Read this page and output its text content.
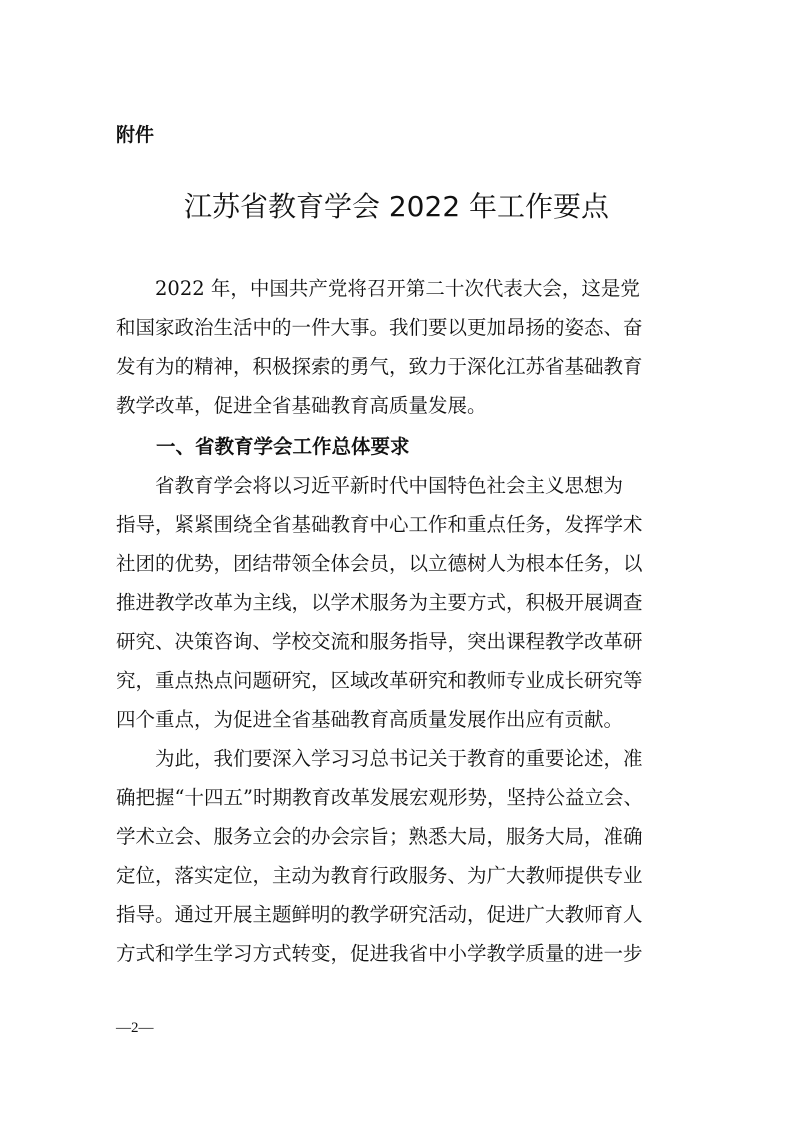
附件
江苏省教育学会 2022 年工作要点
　　2022 年，中国共产党将召开第二十次代表大会，这是党
和国家政治生活中的一件大事。我们要以更加昂扬的姿态、奋
发有为的精神，积极探索的勇气，致力于深化江苏省基础教育
教学改革，促进全省基础教育高质量发展。
一、省教育学会工作总体要求
　　省教育学会将以习近平新时代中国特色社会主义思想为
指导，紧紧围绕全省基础教育中心工作和重点任务，发挥学术
社团的优势，团结带领全体会员，以立德树人为根本任务，以
推进教学改革为主线，以学术服务为主要方式，积极开展调查
研究、决策咨询、学校交流和服务指导，突出课程教学改革研
究，重点热点问题研究，区域改革研究和教师专业成长研究等
四个重点，为促进全省基础教育高质量发展作出应有贡献。
　　为此，我们要深入学习习总书记关于教育的重要论述，准
确把握“十四五”时期教育改革发展宏观形势，坚持公益立会、
学术立会、服务立会的办会宗旨；熟悉大局，服务大局，准确
定位，落实定位，主动为教育行政服务、为广大教师提供专业
指导。通过开展主题鲜明的教学研究活动，促进广大教师育人
方式和学生学习方式转变，促进我省中小学教学质量的进一步
—2—
